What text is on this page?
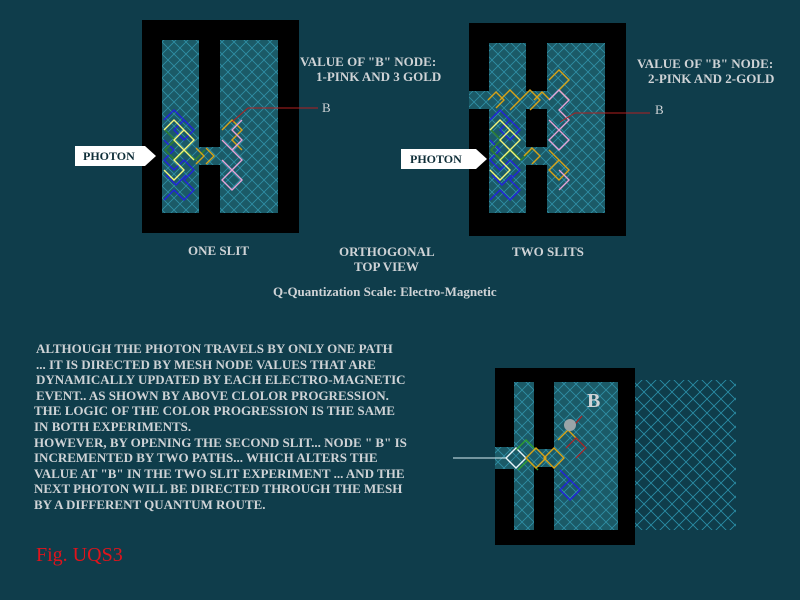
VALUE OF "B" NODE:
1-PINK AND 3 GOLD
VALUE OF "B" NODE:
2-PINK AND 2-GOLD
B	B
PHOTON	PHOTON
ONE SLIT	TWO SLITS
ORTHOGONAL
TOP VIEW
Q-Quantization Scale: Electro-Magnetic
B
ALTHOUGH THE PHOTON TRAVELS BY ONLY ONE PATH
... IT IS DIRECTED BY MESH NODE VALUES THAT ARE
DYNAMICALLY UPDATED BY EACH ELECTRO-MAGNETIC
EVENT.. AS SHOWN BY ABOVE CLOLOR PROGRESSION.
THE LOGIC OF THE COLOR PROGRESSION IS THE SAME
IN BOTH EXPERIMENTS.
HOWEVER, BY OPENING THE SECOND SLIT... NODE " B" IS
INCREMENTED BY TWO PATHS... WHICH ALTERS THE
VALUE AT "B" IN THE TWO SLIT EXPERIMENT ... AND THE
NEXT PHOTON WILL BE DIRECTED THROUGH THE MESH
BY A DIFFERENT QUANTUM ROUTE.
Fig. UQS3
